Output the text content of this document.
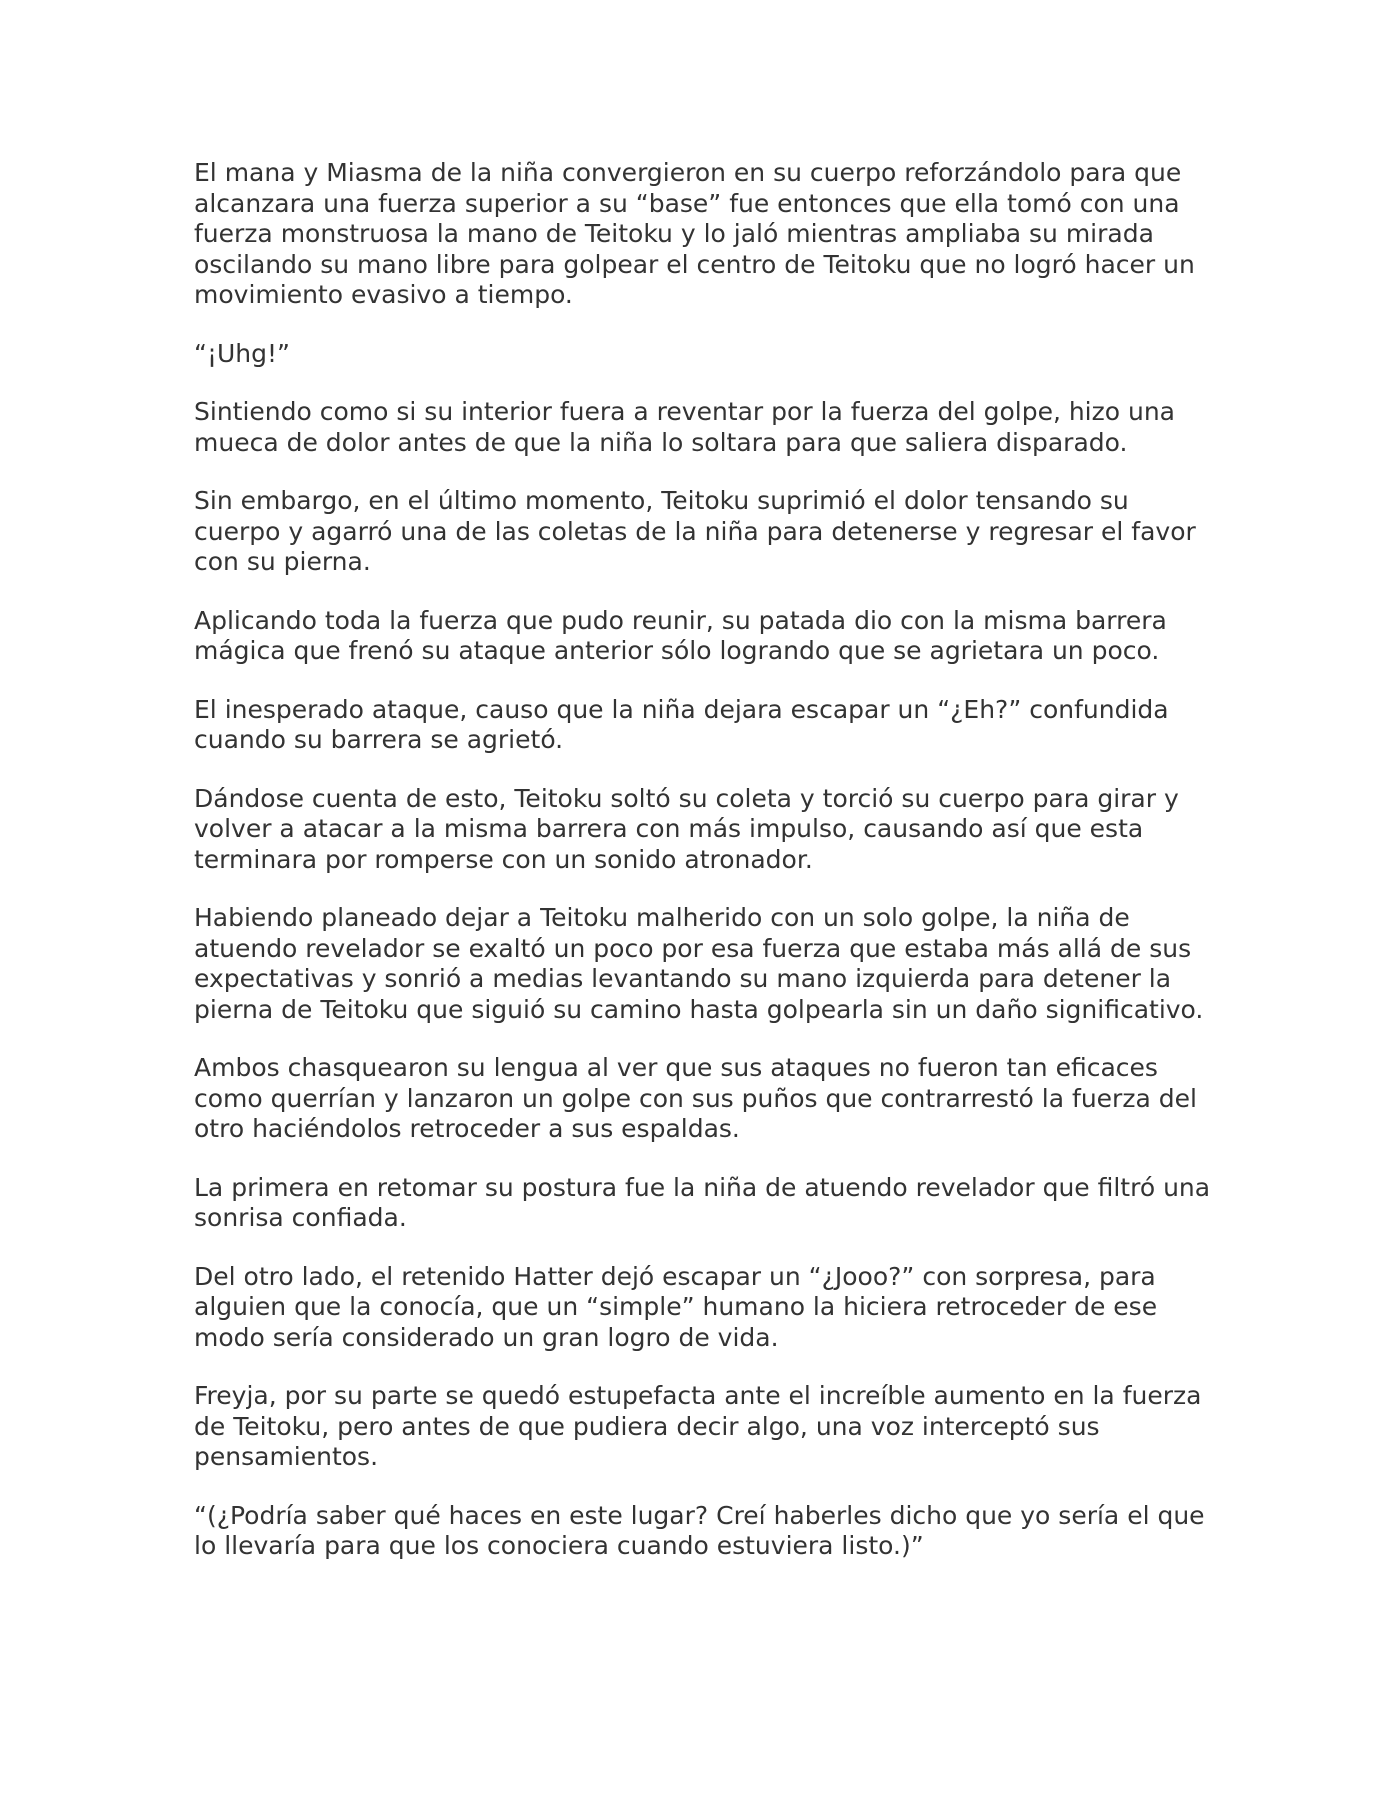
El mana y Miasma de la niña convergieron en su cuerpo reforzándolo para que alcanzara una fuerza superior a su “base” fue entonces que ella tomó con una fuerza monstruosa la mano de Teitoku y lo jaló mientras ampliaba su mirada oscilando su mano libre para golpear el centro de Teitoku que no logró hacer un movimiento evasivo a tiempo.

“¡Uhg!”

Sintiendo como si su interior fuera a reventar por la fuerza del golpe, hizo una mueca de dolor antes de que la niña lo soltara para que saliera disparado.

Sin embargo, en el último momento, Teitoku suprimió el dolor tensando su cuerpo y agarró una de las coletas de la niña para detenerse y regresar el favor con su pierna.

Aplicando toda la fuerza que pudo reunir, su patada dio con la misma barrera mágica que frenó su ataque anterior sólo logrando que se agrietara un poco.

El inesperado ataque, causo que la niña dejara escapar un “¿Eh?” confundida cuando su barrera se agrietó.

Dándose cuenta de esto, Teitoku soltó su coleta y torció su cuerpo para girar y volver a atacar a la misma barrera con más impulso, causando así que esta terminara por romperse con un sonido atronador.

Habiendo planeado dejar a Teitoku malherido con un solo golpe, la niña de atuendo revelador se exaltó un poco por esa fuerza que estaba más allá de sus expectativas y sonrió a medias levantando su mano izquierda para detener la pierna de Teitoku que siguió su camino hasta golpearla sin un daño significativo.

Ambos chasquearon su lengua al ver que sus ataques no fueron tan eficaces como querrían y lanzaron un golpe con sus puños que contrarrestó la fuerza del otro haciéndolos retroceder a sus espaldas.

La primera en retomar su postura fue la niña de atuendo revelador que filtró una sonrisa confiada.

Del otro lado, el retenido Hatter dejó escapar un “¿Jooo?” con sorpresa, para alguien que la conocía, que un “simple” humano la hiciera retroceder de ese modo sería considerado un gran logro de vida.

Freyja, por su parte se quedó estupefacta ante el increíble aumento en la fuerza de Teitoku, pero antes de que pudiera decir algo, una voz interceptó sus pensamientos.

“(¿Podría saber qué haces en este lugar? Creí haberles dicho que yo sería el que lo llevaría para que los conociera cuando estuviera listo.)”
